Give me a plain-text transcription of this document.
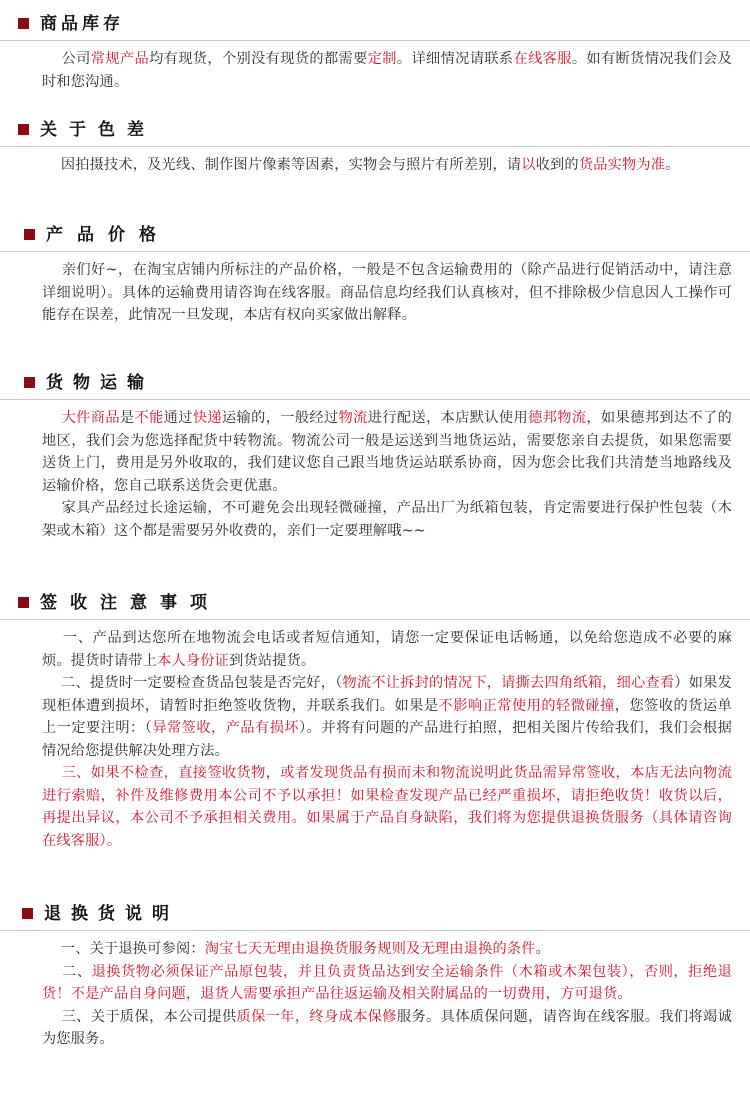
商品库存

公司常规产品均有现货，个别没有现货的都需要定制。详细情况请联系在线客服。如有断货情况我们会及时和您沟通。

关于色差

因拍摄技术，及光线、制作图片像素等因素，实物会与照片有所差别，请以收到的货品实物为准。

产品价格

亲们好~，在淘宝店铺内所标注的产品价格，一般是不包含运输费用的（除产品进行促销活动中，请注意详细说明）。具体的运输费用请咨询在线客服。商品信息均经我们认真核对，但不排除极少信息因人工操作可能存在误差，此情况一旦发现，本店有权向买家做出解释。

货物运输

大件商品是不能通过快递运输的，一般经过物流进行配送，本店默认使用德邦物流，如果德邦到达不了的地区，我们会为您选择配货中转物流。物流公司一般是运送到当地货运站，需要您亲自去提货，如果您需要送货上门，费用是另外收取的，我们建议您自己跟当地货运站联系协商，因为您会比我们共清楚当地路线及运输价格，您自己联系送货会更优惠。

家具产品经过长途运输，不可避免会出现轻微碰撞，产品出厂为纸箱包装，肯定需要进行保护性包装（木架或木箱）这个都是需要另外收费的，亲们一定要理解哦~~

签收注意事项

一、产品到达您所在地物流会电话或者短信通知，请您一定要保证电话畅通，以免给您造成不必要的麻烦。提货时请带上本人身份证到货站提货。

二、提货时一定要检查货品包装是否完好，（物流不让拆封的情况下，请撕去四角纸箱，细心查看）如果发现柜体遭到损坏，请暂时拒绝签收货物，并联系我们。如果是不影响正常使用的轻微碰撞，您签收的货运单上一定要注明：（异常签收，产品有损坏）。并将有问题的产品进行拍照，把相关图片传给我们，我们会根据情况给您提供解决处理方法。

三、如果不检查，直接签收货物，或者发现货品有损而未和物流说明此货品需异常签收，本店无法向物流进行索赔，补件及维修费用本公司不予以承担！如果检查发现产品已经严重损坏，请拒绝收货！收货以后，再提出异议，本公司不予承担相关费用。如果属于产品自身缺陷，我们将为您提供退换货服务（具体请咨询在线客服）。

退换货说明

一、关于退换可参阅：淘宝七天无理由退换货服务规则及无理由退换的条件。

二、退换货物必须保证产品原包装，并且负责货品达到安全运输条件（木箱或木架包装），否则，拒绝退货！不是产品自身问题，退货人需要承担产品往返运输及相关附属品的一切费用，方可退货。

三、关于质保，本公司提供质保一年，终身成本保修服务。具体质保问题，请咨询在线客服。我们将竭诚为您服务。
